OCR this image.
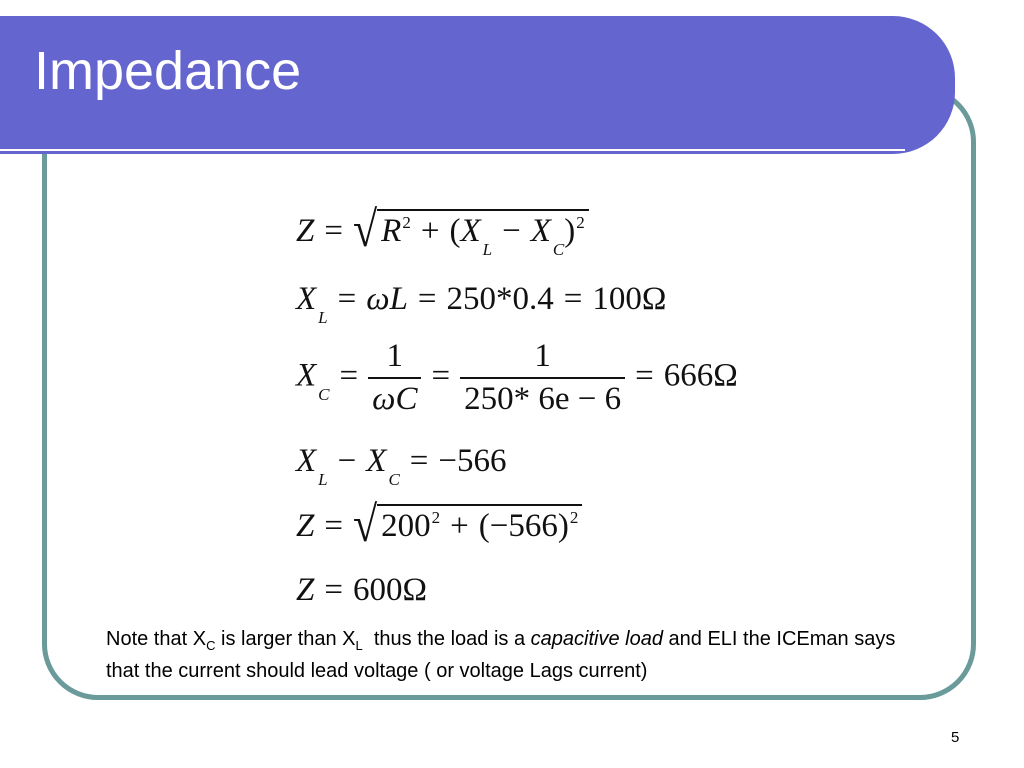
Impedance
Z = √ $R^2 + (X_L- X_C)^2$
$X_L= \omega L = 250*0.4 = 100\Omega$
$X_C= \frac{1}{\omega C} = \frac{1}{250* 6e - 6} = 666\Omega$
$X_L- X_C= -566$
Z = √ $200^2 + (-566)^2$
Z = 600Ω

Note that $X_C$ is larger than $X_L$  thus the load is a capacitive load and ELI the ICEman says that the current should lead voltage ( or voltage Lags current)

5
